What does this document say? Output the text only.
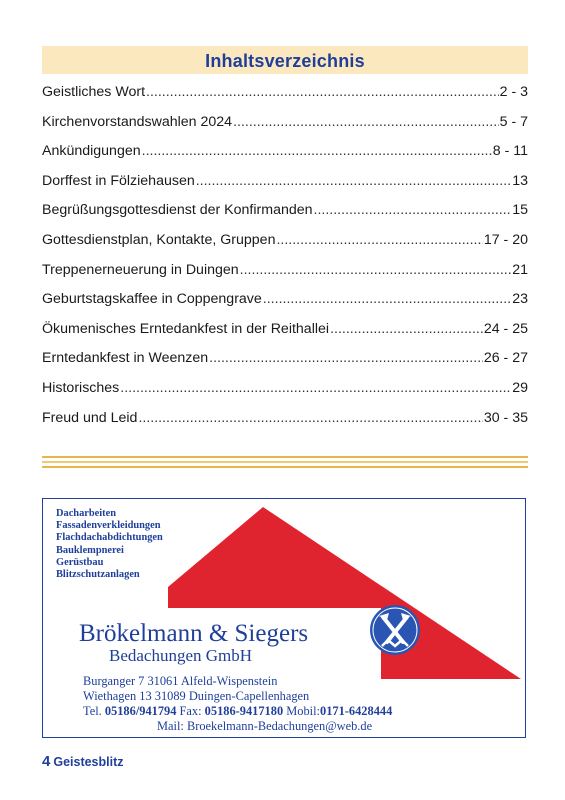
Inhaltsverzeichnis
Geistliches Wort .....	2 - 3
Kirchenvorstandswahlen 2024 .....	5 - 7
Ankündigungen .....	8 - 11
Dorffest in Fölziehausen .....	13
Begrüßungsgottesdienst der Konfirmanden .....	15
Gottesdienstplan, Kontakte, Gruppen .....	17 - 20
Treppenerneuerung in Duingen .....	21
Geburtstagskaffee in Coppengrave .....	23
Ökumenisches Erntedankfest in der Reithallei .....	24 - 25
Erntedankfest in Weenzen .....	26 - 27
Historisches .....	29
Freud und Leid .....	30 - 35
Dacharbeiten
Fassadenverkleidungen
Flachdachabdichtungen
Bauklempnerei
Gerüstbau
Blitzschutzanlagen
Brökelmann & Siegers
Bedachungen GmbH
Burganger 7 31061 Alfeld-Wispenstein
Wiethagen 13 31089 Duingen-Capellenhagen
Tel. 05186/941794 Fax: 05186-9417180 Mobil:0171-6428444
Mail: Broekelmann-Bedachungen@web.de
4 Geistesblitz
